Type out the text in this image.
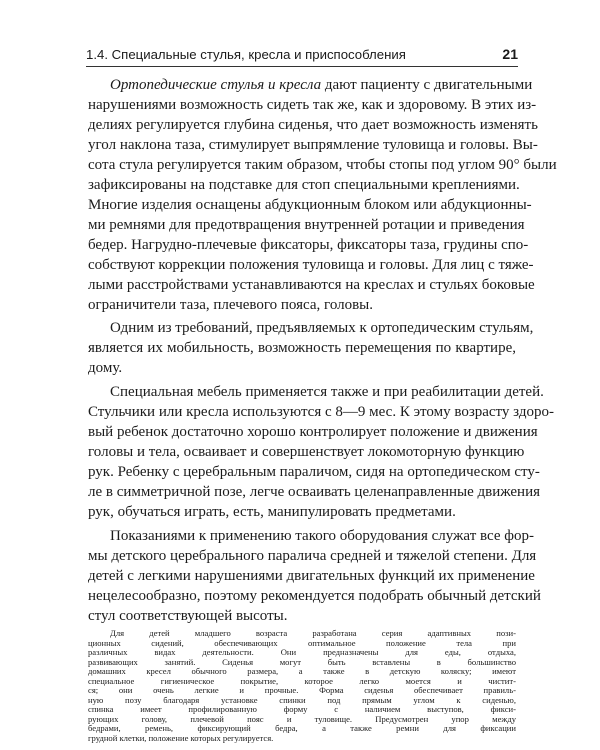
1.4. Специальные стулья, кресла и приспособления	21
Ортопедические стулья и кресла дают пациенту с двигательными
нарушениями возможность сидеть так же, как и здоровому. В этих из-
делиях регулируется глубина сиденья, что дает возможность изменять
угол наклона таза, стимулирует выпрямление туловища и головы. Вы-
сота стула регулируется таким образом, чтобы стопы под углом 90° были
зафиксированы на подставке для стоп специальными креплениями.
Многие изделия оснащены абдукционным блоком или абдукционны-
ми ремнями для предотвращения внутренней ротации и приведения
бедер. Нагрудно-плечевые фиксаторы, фиксаторы таза, грудины спо-
собствуют коррекции положения туловища и головы. Для лиц с тяже-
лыми расстройствами устанавливаются на креслах и стульях боковые
ограничители таза, плечевого пояса, головы.
Одним из требований, предъявляемых к ортопедическим стульям,
является их мобильность, возможность перемещения по квартире,
дому.
Специальная мебель применяется также и при реабилитации детей.
Стульчики или кресла используются с 8—9 мес. К этому возрасту здоро-
вый ребенок достаточно хорошо контролирует положение и движения
головы и тела, осваивает и совершенствует локомоторную функцию
рук. Ребенку с церебральным параличом, сидя на ортопедическом сту-
ле в симметричной позе, легче осваивать целенаправленные движения
рук, обучаться играть, есть, манипулировать предметами.
Показаниями к применению такого оборудования служат все фор-
мы детского церебрального паралича средней и тяжелой степени. Для
детей с легкими нарушениями двигательных функций их применение
нецелесообразно, поэтому рекомендуется подобрать обычный детский
стул соответствующей высоты.
Для детей младшего возраста разработана серия адаптивных пози-
ционных сидений, обеспечивающих оптимальное положение тела при
различных видах деятельности. Они предназначены для еды, отдыха,
развивающих занятий. Сиденья могут быть вставлены в большинство
домашних кресел обычного размера, а также в детскую коляску; имеют
специальное гигиеническое покрытие, которое легко моется и чистит-
ся; они очень легкие и прочные. Форма сиденья обеспечивает правиль-
ную позу благодаря установке спинки под прямым углом к сиденью,
спинка имеет профилированную форму с наличием выступов, фикси-
рующих голову, плечевой пояс и туловище. Предусмотрен упор между
бедрами, ремень, фиксирующий бедра, а также ремни для фиксации
грудной клетки, положение которых регулируется.
